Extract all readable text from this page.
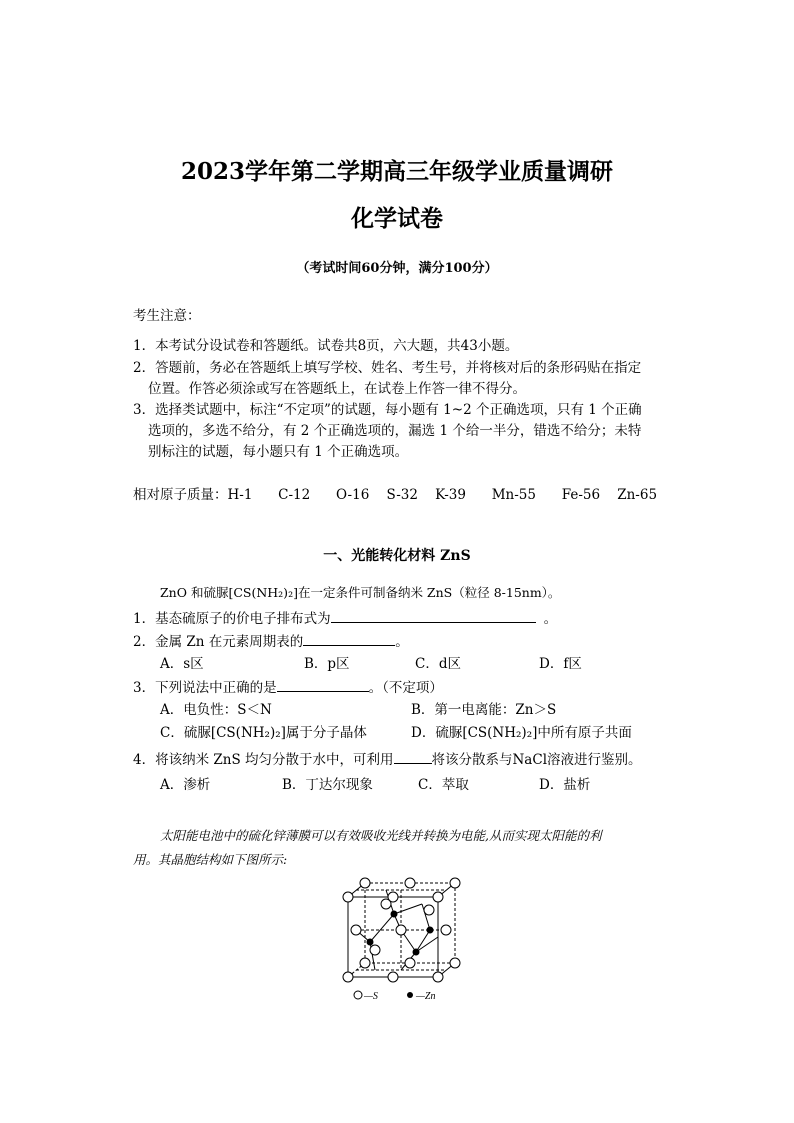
2023学年第二学期高三年级学业质量调研
化学试卷
（考试时间60分钟，满分100分）
考生注意：
1．本考试分设试卷和答题纸。试卷共8页，六大题，共43小题。
2．答题前，务必在答题纸上填写学校、姓名、考生号，并将核对后的条形码贴在指定
位置。作答必须涂或写在答题纸上，在试卷上作答一律不得分。
3．选择类试题中，标注“不定项”的试题，每小题有 1~2 个正确选项，只有 1 个正确
选项的，多选不给分，有 2 个正确选项的，漏选 1 个给一半分，错选不给分；未特
别标注的试题，每小题只有 1 个正确选项。
相对原子质量：H-1      C-12      O-16    S-32    K-39      Mn-55      Fe-56    Zn-65
一、光能转化材料 ZnS
ZnO 和硫脲[CS(NH₂)₂]在一定条件可制备纳米 ZnS（粒径 8-15nm）。
1．基态硫原子的价电子排布式为	。
2．金属 Zn 在元素周期表的	。
A．s区	B．p区	C．d区	D．f区
3．下列说法中正确的是	。（不定项）
A．电负性：S＜N	B．第一电离能：Zn＞S
C．硫脲[CS(NH₂)₂]属于分子晶体	D．硫脲[CS(NH₂)₂]中所有原子共面
4．将该纳米 ZnS 均匀分散于水中，可利用	将该分散系与NaCl溶液进行鉴别。
A．渗析	B．丁达尔现象	C．萃取	D．盐析
太阳能电池中的硫化锌薄膜可以有效吸收光线并转换为电能,从而实现太阳能的利
用。其晶胞结构如下图所示:
—S	—Zn
